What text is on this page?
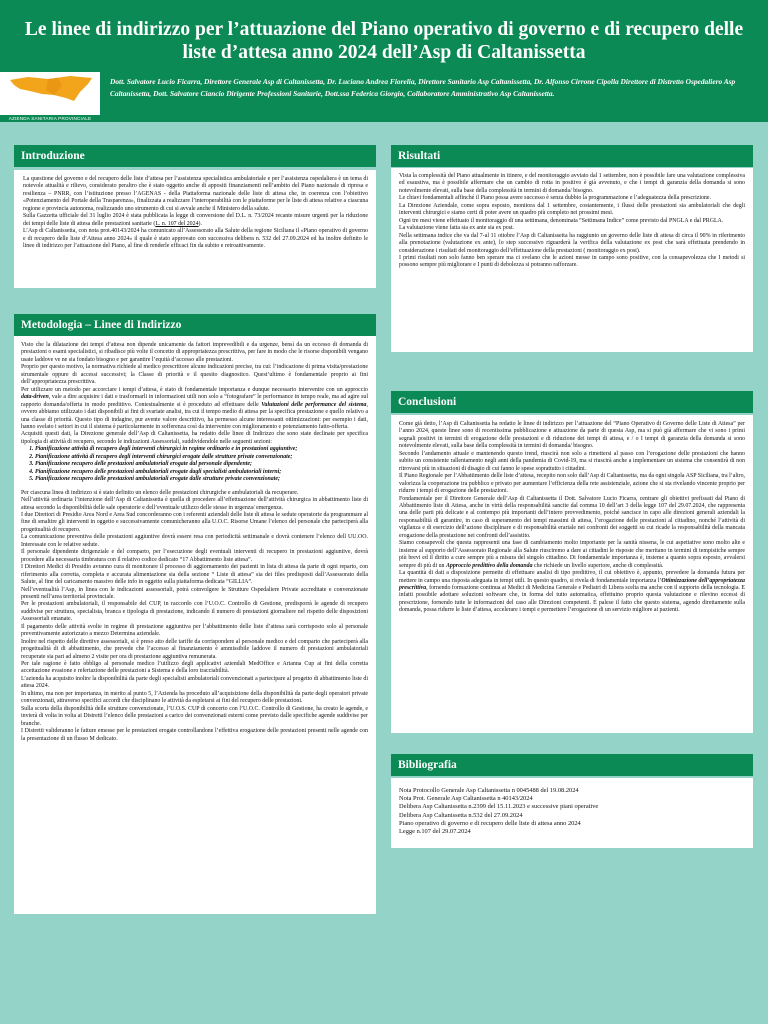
Le linee di indirizzo per l’attuazione del Piano operativo di governo e di recupero delle liste d’attesa anno 2024 dell’Asp di Caltanissetta
ASP
CALTANISSETTA
AZIENDA SANITARIA PROVINCIALE

Dott. Salvatore Lucio Ficarra, Direttore Generale Asp di Caltanissetta, Dr. Luciano Andrea Fiorelia, Direttore Sanitario Asp Caltanissetta, Dr. Alfonso Cirrone Cipolla Direttore di Distretto Ospedaliero Asp Caltanissetta, Dott. Salvatore Ciancio Dirigente Professioni Sanitarie, Dott.ssa Federica Giorgio, Collaboratore Amministrativo Asp Caltanissetta.

Introduzione

La questione del governo e del recupero delle liste d’attesa per l’assistenza specialistica ambulatoriale e per l’assistenza ospedaliera è un tema di notevole attualità e rilievo, considerato peraltro che è stato oggetto anche di appositi finanziamenti nell’ambito del Piano nazionale di ripresa e resilienza – PNRR, con l’istituzione presso l’AGENAS - della Piattaforma nazionale delle liste di attesa che, in coerenza con l’obiettivo «Potenziamento del Portale della Trasparenza», finalizzata a realizzare l’interoperabilità con le piattaforme per le liste di attesa relative a ciascuna regione e provincia autonoma, realizzando uno strumento di cui si avvale anche il Ministero della salute.

Sulla Gazzetta ufficiale del 31 luglio 2024 è stata pubblicata la legge di conversione del D.L. n. 73/2024 recante misure urgenti per la riduzione dei tempi delle liste di attesa delle prestazioni sanitarie (L. n. 107 del 2024).

L’Asp di Caltanissetta, con nota prot.40143/2024 ha comunicato all’Assessorato alla Salute della regione Siciliana il «Piano operativo di governo e di recupero delle liste d’Attesa anno 2024» il quale è stato approvato con successiva delibera n. 532 del 27.09.2024 ed ha inoltre definito le linee di indirizzo per l’attuazione del Piano, al fine di renderle efficaci fin da subito e retroattivamente.

Metodologia – Linee di Indirizzo

Visto che la dilatazione dei tempi d’attesa non dipende unicamente da fattori imprevedibili e da urgenze, bensì da un eccesso di domanda di prestazioni o esami specialistici, si ribadisce più volte il concetto di appropriatezza prescrittiva, per fare in modo che le risorse disponibili vengano usate laddove ve ne sia fondato bisogno e per garantire l’equità d’accesso alle prestazioni.

Proprio per questo motivo, la normativa richiede al medico prescrittore alcune indicazioni precise, tra cui: l’indicazione di prima visita/prestazione strumentale oppure di accessi successivi; la Classe di priorità e il quesito diagnostico. Quest’ultimo è fondamentale proprio ai fini dell’appropriatezza prescrittiva.

Per utilizzare un metodo per accorciare i tempi d’attesa, è stato di fondamentale importanza e dunque necessario intervenire con un approccio data-driven, vale a dire acquisire i dati e trasformarli in informazioni utili non solo a “fotografare” le performance in tempo reale, ma ad agire sul rapporto domanda/offerta in modo predittivo. Contestualmente si è proceduto ad effettuare delle Valutazioni delle performance del sistema, ovvero abbiamo utilizzato i dati disponibili ai fini di svariate analisi, tra cui il tempo medio di attesa per la specifica prestazione e quello relativo a una classe di priorità. Questo tipo di indagine, pur avente valore descrittivo, ha permesso alcune interessanti ottimizzazioni: per esempio i dati, hanno svelato i settori in cui il sistema è particolarmente in sofferenza così da intervenire con miglioramento e potenziamento fatto-offerta.

Acquisiti questi dati, la Direzione generale dell’Asp di Caltanissetta, ha redatto delle linee di Indirizzo che sono state declinate per specifica tipologia di attività di recupero, secondo le indicazioni Assessoriali, suddividendole nelle seguenti sezioni:

1. Pianificazione attività di recupero degli interventi chirurgici in regime ordinario e in prestazioni aggiuntive;
2. Pianificazione attività di recupero degli interventi chirurgici erogate dalle strutture private convenzionate;
3. Pianificazione recupero delle prestazioni ambulatoriali erogate dal personale dipendente;
4. Pianificazione recupero delle prestazioni ambulatoriali erogate dagli specialisti ambulatoriali interni;
5. Pianificazione recupero delle prestazioni ambulatoriali erogate dalle strutture private convenzionate;

Per ciascuna linea di indirizzo si è stato definito un elenco delle prestazioni chirurgiche e ambulatoriali da recuperare.

Nell’attività ordinaria l’intenzione dell’Asp di Caltanissetta è quella di procedere all’effettuazione dell’attività chirurgica in abbattimento liste di attesa secondo la disponibilità delle sale operatorie e dell’eventuale utilizzo delle stesse in urgenza/ emergenza.

I due Direttori di Presidio Area Nord e Area Sud concorderanno con i referenti aziendali delle liste di attesa le sedute operatorie da programmare al fine di smaltire gli interventi in oggetto e successivamente comunicheranno alla U.O.C. Risorse Umane l’elenco del personale che parteciperà alla progettualità di recupero.

La comunicazione preventiva delle prestazioni aggiuntive dovrà essere resa con periodicità settimanale e dovrà contenere l’elenco dell UU.OO. Interessate con le relative sedute.

Il personale dipendente dirigenziale e del comparto, per l’esecuzione degli eventuali interventi di recupero in prestazioni aggiuntive, dovrà procedere alla necessaria timbratura con il relativo codice dedicato “17 Abbattimento liste attesa”.

I Direttori Medici di Presidio avranno cura di monitorare il processo di aggiornamento dei pazienti in lista di attesa da parte di ogni reparto, con riferimento alla corretta, completa e accurata alimentazione sia della sezione “ Liste di attesa” sia dei files predisposti dall’Assessorato della Salute, al fine del caricamento massivo delle info in oggetto sulla piattaforma dedicata “GILLIA”.

Nell’eventualità l’Asp, in linea con le indicazioni assessoriali, potrà coinvolgere le Strutture Ospedaliere Private accreditate e convenzionate presenti nell’area territorial provinciale.

Per le prestazioni ambulatoriali, il responsabile del CUP, in raccordo con l’U.O.C. Controllo di Gestione, predisporrà le agende di recupero suddivise per struttura, specialista, branca e tipologia di prestazione, indicando il numero di prestazioni giornaliere nel rispetto delle disposizioni Assessoriali emanate.

Il pagamento delle attività svolte in regime di prestazione aggiuntiva per l’abbattimento delle liste d’attesa sarà corrisposto solo al personale preventivamente autorizzato a mezzo Determina aziendale.

Inoltre nel rispetto delle direttive assessoriali, si è preso atto delle tariffe da corrispondere al personale medico e del comparto che parteciperà alla progettualità di di abbattimento, che prevede che l’accesso al finanziamento è ammissibile laddove il numero di prestazioni ambulatoriali recuperate sia pari ad almeno 2 visite per ora di prestazione aggiuntiva remunerata.

Per tale ragione è fatto obbligo al personale medico l’utilizzo degli applicativi aziendali MedOffice e Arianna Cup ai fini della corretta accettazione evasione e refertazione delle prestazioni a Sistema e della loro tracciabilità.

L’azienda ha acquisito inoltre la disponibilità da parte degli specialisti ambulatoriali convenzionati a partecipare al progetto di abbattimento liste di attesa 2024.

In ultimo, ma non per importanza, in merito al punto 5, l’Azienda ha proceduto all’acquisizione della disponibilità da parte degli operatori private convenzionati, attraverso specifici accordi che disciplinano le attività da espletarsi ai fini del recupero delle prestazioni.

Sulla scorta della disponibilità delle strutture convenzionate, l’U.O.S. CUP di concerto con l’U.O.C. Controllo di Gestione, ha creato le agende, e invierà di volta in volta ai Distretti l’elenco delle prestazioni a carico dei convenzionati esterni come previsto dalle specifiche agende suddivise per branche.

I Distretti valideranno le fatture emesse per le prestazioni erogate controllandone l’effettiva erogazione delle prestazioni presenti nelle agende con la presentazione di un flusso M dedicato.

Risultati

Vista la complessità del Piano attualmente in itinere, e del monitoraggio avviato dal 1 settembre, non è possibile fare una valutazione complessiva ed esaustiva, ma è possibile affermare che un cambio di rotta in positivo è già avvenuto, e che i tempi di garanzia della domanda si sono notevolmente elevati, sulla base della complessità in termini di domanda/ bisogno.

Le chiavi fondamentali affinché il Piano possa avere successo è senza dubbio la programmazione e l’adeguatezza della prescrizione.

La Direzione Aziendale, come sopra esposto, monitora dal 1 settembre, costantemente, i flussi delle prestazioni sia ambulatoriali che degli interventi chirurgici e siamo certi di poter avere un quadro più completo nei prossimi mesi.

Ogni tre mesi viene effettuato il monitoraggio di una settimana, denominata “Settimana Indice” come previsto dal PNGLA e dal PRGLA.

La valutazione viene fatta sia ex ante sia ex post.

Nella settimana indice che va dal 7-al 11 ottobre l’Asp di Caltanissetta ha raggiunto un governo delle liste di attesa di circa il 90% in riferimento alla prenotazione (valutazione ex ante), lo step successivo riguarderà la verifica della valutazione ex post che sarà effettuata prendendo in considerazione i risultati del monitoraggio dell’effettuazione della prestazioni ( monitoraggio ex post).

I primi risultati non solo fanno ben sperare ma ci svelano che le azioni messe in campo sono positive, con la consapevolezza che I metodi si possono sempre più migliorare e I punti di debolezza si potranno rafforzare.

Conclusioni

Come già detto, l’Asp di Caltanissetta ha redatto le linee di indirizzo per l’attuazione del “Piano Operativo di Governo delle Liste di Attesa” per l’anno 2024, queste linee sono di recentissima pubblicazione e attuazione da parte di questa Asp, ma si può già affermare che vi sono i primi segnali positivi in termini di erogazione delle prestazioni e di riduzione dei tempi di attesa, e / o I tempi di garanzia della domanda si sono notevolmente elevati, sulla base della complessità in termini di domanda/ bisogno.

Secondo l’andamento attuale e mantenendo questo trend, riuscirà non solo a rimettersi al passo con l’erogazione delle prestazioni che hanno subito un consistente rallentamento negli anni della pandemia di Covid-19, ma si riuscirà anche a implementare un sistema che consentirà di non ritrovarsi più in situazioni di disagio di cui fanno le spese soprattutto i cittadini.

Il Piano Regionale per l’Abbattimento delle liste d’attesa, recepito non solo dall’Asp di Caltanissetta, ma da ogni singola ASP Siciliana, tra l’altro, valorizza la cooperazione tra pubblico e privato per aumentare l’efficienza della rete assistenziale, azione che si sta rivelando vincente proprio per ridurre i tempi di erogazione delle prestazioni.

Fondamentale per il Direttore Generale dell’Asp di Caltanissetta il Dott. Salvatore Lucio Ficarra, centrare gli obiettivi prefissati dal Piano di Abbattimento liste di Attesa, anche in virtù della responsabilità sancite dal comma 10 dell’art 3 della legge 107 del 29.07.2024, che rappresenta una delle parti più delicate e al contempo più importanti dell’intero provvedimento, poiché sancisce in capo alle direzioni generali aziendali la responsabilità di garantire, in caso di superamento dei tempi massimi di attesa, l’erogazione delle prestazioni al cittadino, nonché l’attività di vigilanza e di esercizio dell’azione disciplinare e di responsabilità erariale nei confronti dei soggetti su cui ricade la responsabilità della mancata erogazione della prestazione nei confronti dell’assistito.

Siamo consapevoli che questa rappresenti una fase di cambiamento molto importante per la sanità nissena, le cui aspettative sono molto alte e insieme al supporto dell’Assessorato Regionale alla Salute riusciremo a dare ai cittadini le risposte che meritano in termini di tempistiche sempre più brevi ed il diritto a cure sempre più a misura del singolo cittadino. Di fondamentale importanza è, insieme a quanto sopra esposto, avvalersi sempre di più di un Approccio predittivo della domanda che richiede un livello superiore, anche di complessità.

La quantità di dati a disposizione permette di effettuare analisi di tipo predittivo, il cui obiettivo è, appunto, prevedere la domanda futura per mettere in campo una risposta adeguata in tempi utili. In questo quadro, si rivela di fondamentale importanza l’Ottimizzazione dell’appropriatezza prescrittiva, fornendo formazione continua ai Medici di Medicina Generale e Pediatri di Libera scelta ma anche con il supporto della tecnologia. E infatti possibile adottare soluzioni software che, in forma del tutto automatica, effettuino proprio questa valutazione e rilevino eccessi di prescrizione, fornendo tutte le informazioni del caso alle Direzioni competenti. È palese il fatto che questo sistema, agendo direttamente sulla domanda, possa ridurre le liste d’attesa, accelerare i tempi e permettere l’erogazione di un servizio migliore ai pazienti.

Bibliografia
Nota Protocollo Generale Asp Caltanissetta n 0045488 del 19.08.2024
Nota Prot. Generale Asp Caltanissetta n 40143/2024
Delibera Asp Caltanissetta n.2399 del 15.11.2023 e successive piani operative
Delibera Asp Caltanissetta n.532 del 27.09.2024
Piano operativo di governo e di recupero delle liste di attesa anno 2024
Legge n.107 del 29.07.2024
